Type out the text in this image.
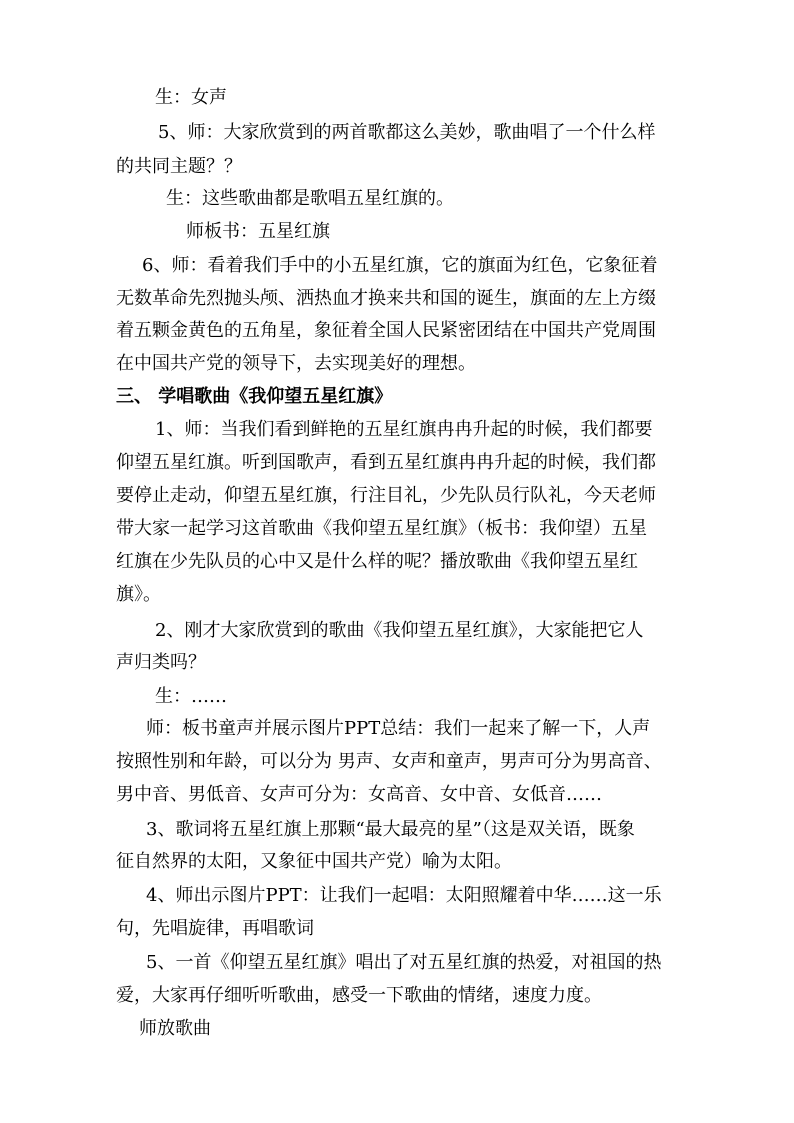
生：女声
5、师：大家欣赏到的两首歌都这么美妙，歌曲唱了一个什么样
的共同主题？？
生：这些歌曲都是歌唱五星红旗的。
师板书：五星红旗
6、师：看着我们手中的小五星红旗，它的旗面为红色，它象征着
无数革命先烈抛头颅、洒热血才换来共和国的诞生，旗面的左上方缀
着五颗金黄色的五角星，象征着全国人民紧密团结在中国共产党周围
在中国共产党的领导下，去实现美好的理想。
三、 学唱歌曲《我仰望五星红旗》
1、师：当我们看到鲜艳的五星红旗冉冉升起的时候，我们都要
仰望五星红旗。听到国歌声，看到五星红旗冉冉升起的时候，我们都
要停止走动，仰望五星红旗，行注目礼，少先队员行队礼，今天老师
带大家一起学习这首歌曲《我仰望五星红旗》（板书：我仰望）五星
红旗在少先队员的心中又是什么样的呢？播放歌曲《我仰望五星红
旗》。
2、刚才大家欣赏到的歌曲《我仰望五星红旗》，大家能把它人
声归类吗？
生：……
师：板书童声并展示图片PPT总结：我们一起来了解一下，人声
按照性别和年龄，可以分为 男声、女声和童声，男声可分为男高音、
男中音、男低音、女声可分为：女高音、女中音、女低音……
3、歌词将五星红旗上那颗“最大最亮的星”（这是双关语，既象
征自然界的太阳，又象征中国共产党）喻为太阳。
4、师出示图片PPT：让我们一起唱：太阳照耀着中华……这一乐
句，先唱旋律，再唱歌词
5、一首《仰望五星红旗》唱出了对五星红旗的热爱，对祖国的热
爱，大家再仔细听听歌曲，感受一下歌曲的情绪，速度力度。
师放歌曲
